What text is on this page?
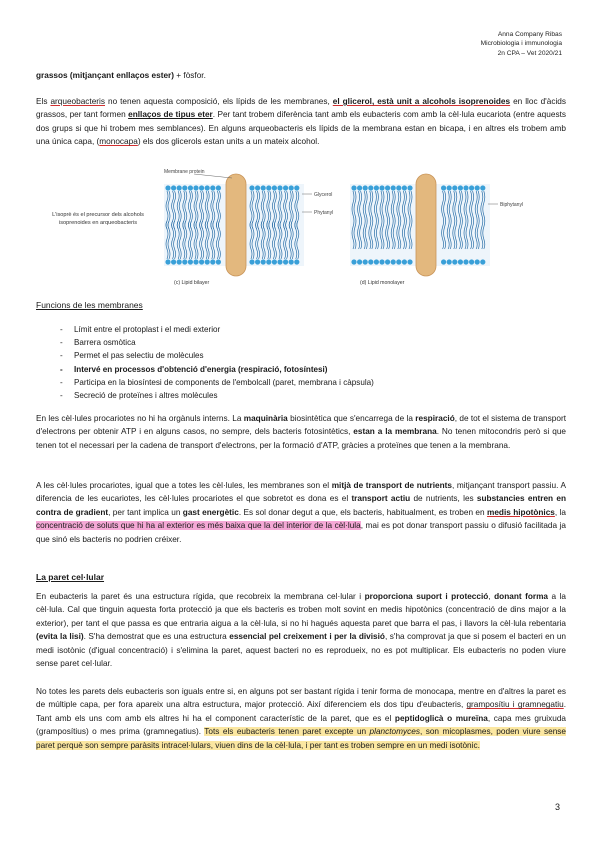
Anna Company Ribas
Microbiologia i immunologia
2n CPA – Vet 2020/21

grassos (mitjançant enllaços ester) + fòsfor.

Els arqueobacteris no tenen aquesta composició, els lípids de les membranes, el glicerol, està unit a alcohols isoprenoides en lloc d'àcids grassos, per tant formen enllaços de tipus eter. Per tant trobem diferència tant amb els eubacteris com amb la cèl·lula eucariota (entre aquests dos grups si que hi trobem mes semblances). En alguns arqueobacteris els lípids de la membrana estan en bicapa, i en altres els trobem amb una única capa, (monocapa) els dos glicerols estan units a un mateix alcohol.

L'isoprè és el precursor dels alcohols isoprenoides en arqueobacteris
Membrane protein
Glycerol
Phytanyl
(c) Lipid bilayer
Biphytanyl
(d) Lipid monolayer
Funcions de les membranes
- Límit entre el protoplast i el medi exterior
- Barrera osmòtica
- Permet el pas selectiu de molècules
- Intervé en processos d'obtenció d'energia (respiració, fotosíntesi)
- Participa en la biosíntesi de components de l'embolcall (paret, membrana i càpsula)
- Secreció de proteïnes i altres molècules

En les cèl·lules procariotes no hi ha orgànuls interns. La maquinària biosintètica que s'encarrega de la respiració, de tot el sistema de transport d'electrons per obtenir ATP i en alguns casos, no sempre, dels bacteris fotosintètics, estan a la membrana. No tenen mitocondris però si que tenen tot el necessari per la cadena de transport d'electrons, per la formació d'ATP, gràcies a proteïnes que tenen a la membrana.

A les cèl·lules procariotes, igual que a totes les cèl·lules, les membranes son el mitjà de transport de nutrients, mitjançant transport passiu. A diferencia de les eucariotes, les cèl·lules procariotes el que sobretot es dona es el transport actiu de nutrients, les substancies entren en contra de gradient, per tant implica un gast energètic. Es sol donar degut a que, els bacteris, habitualment, es troben en medis hipotònics, la concentració de soluts que hi ha al exterior es més baixa que la del interior de la cèl·lula, mai es pot donar transport passiu o difusió facilitada ja que sinó els bacteris no podrien créixer.

La paret cel·lular

En eubacteris la paret és una estructura rígida, que recobreix la membrana cel·lular i proporciona suport i protecció, donant forma a la cèl·lula. Cal que tinguin aquesta forta protecció ja que els bacteris es troben molt sovint en medis hipotònics (concentració de dins major a la exterior), per tant el que passa es que entraria aigua a la cèl·lula, si no hi hagués aquesta paret que barra el pas, i llavors la cèl·lula rebentaria (evita la lisi). S'ha demostrat que es una estructura essencial pel creixement i per la divisió, s'ha comprovat ja que si posem el bacteri en un medi isotònic (d'igual concentració) i s'elimina la paret, aquest bacteri no es reprodueix, no es pot multiplicar. Els eubacteris no poden viure sense paret cel·lular.

No totes les parets dels eubacteris son iguals entre si, en alguns pot ser bastant rígida i tenir forma de monocapa, mentre en d'altres la paret es de múltiple capa, per fora apareix una altra estructura, major protecció. Així diferenciem els dos tipu d'eubacteris, gramposítiu i gramnegatiu. Tant amb els uns com amb els altres hi ha el component característic de la paret, que es el peptidoglicà o mureïna, capa mes gruixuda (gramposítius) o mes prima (gramnegatius). Tots els eubacteris tenen paret excepte un planctomyces, son micoplasmes, poden viure sense paret perquè son sempre paràsits intracel·lulars, viuen dins de la cèl·lula, i per tant es troben sempre en un medi isotònic.

3
